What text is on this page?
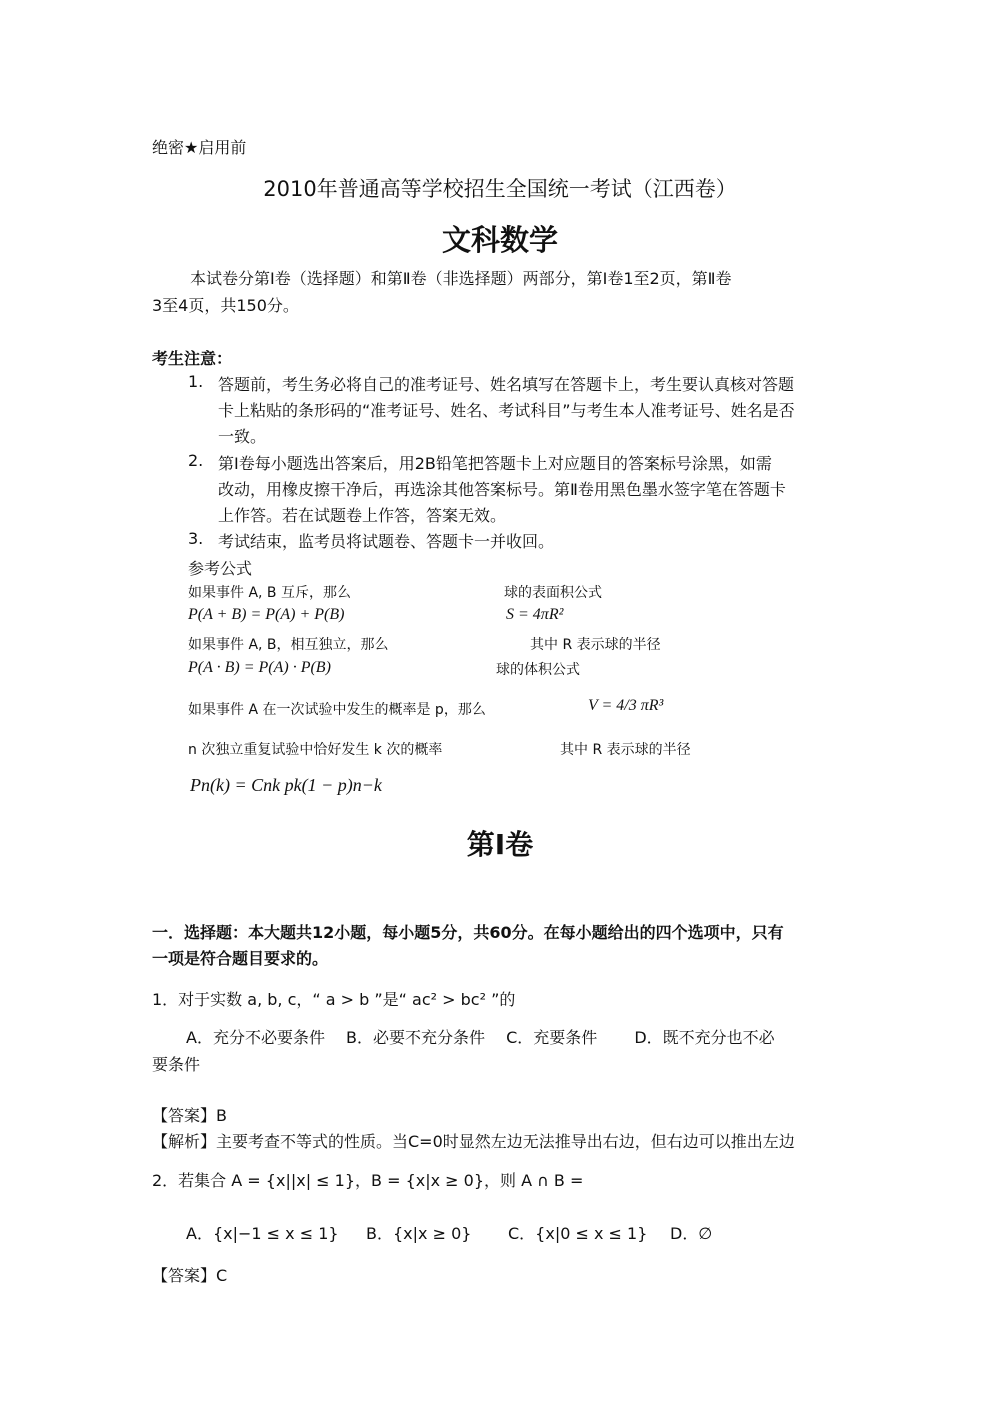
绝密★启用前
2010年普通高等学校招生全国统一考试（江西卷）
文科数学
本试卷分第Ⅰ卷（选择题）和第Ⅱ卷（非选择题）两部分，第Ⅰ卷1至2页，第Ⅱ卷
3至4页，共150分。
考生注意：
1. 答题前，考生务必将自己的准考证号、姓名填写在答题卡上，考生要认真核对答题
卡上粘贴的条形码的“准考证号、姓名、考试科目”与考生本人准考证号、姓名是否
一致。
2. 第Ⅰ卷每小题选出答案后，用2B铅笔把答题卡上对应题目的答案标号涂黑，如需
改动，用橡皮擦干净后，再选涂其他答案标号。第Ⅱ卷用黑色墨水签字笔在答题卡
上作答。若在试题卷上作答，答案无效。
3. 考试结束，监考员将试题卷、答题卡一并收回。
参考公式
如果事件 A, B 互斥，那么
P(A + B) = P(A) + P(B)
如果事件 A, B，相互独立，那么
P(A · B) = P(A) · P(B)
如果事件 A 在一次试验中发生的概率是 p，那么
n 次独立重复试验中恰好发生 k 次的概率
Pn(k) = Cnk pk(1 − p)n−k
球的表面积公式
S = 4πR²
其中 R 表示球的半径
球的体积公式
V = 4/3 πR³
其中 R 表示球的半径
第Ⅰ卷
一．选择题：本大题共12小题，每小题5分，共60分。在每小题给出的四个选项中，只有
一项是符合题目要求的。
1．对于实数 a, b, c，“ a > b ”是“ ac² > bc² ”的
A．充分不必要条件　 B．必要不充分条件　 C．充要条件　　 D．既不充分也不必
要条件
【答案】B
【解析】主要考查不等式的性质。当C=0时显然左边无法推导出右边，但右边可以推出左边
2．若集合 A = {x||x| ≤ 1}，B = {x|x ≥ 0}，则 A ∩ B =
A．{x|−1 ≤ x ≤ 1} B．{x|x ≥ 0} C．{x|0 ≤ x ≤ 1} D．∅
【答案】C
